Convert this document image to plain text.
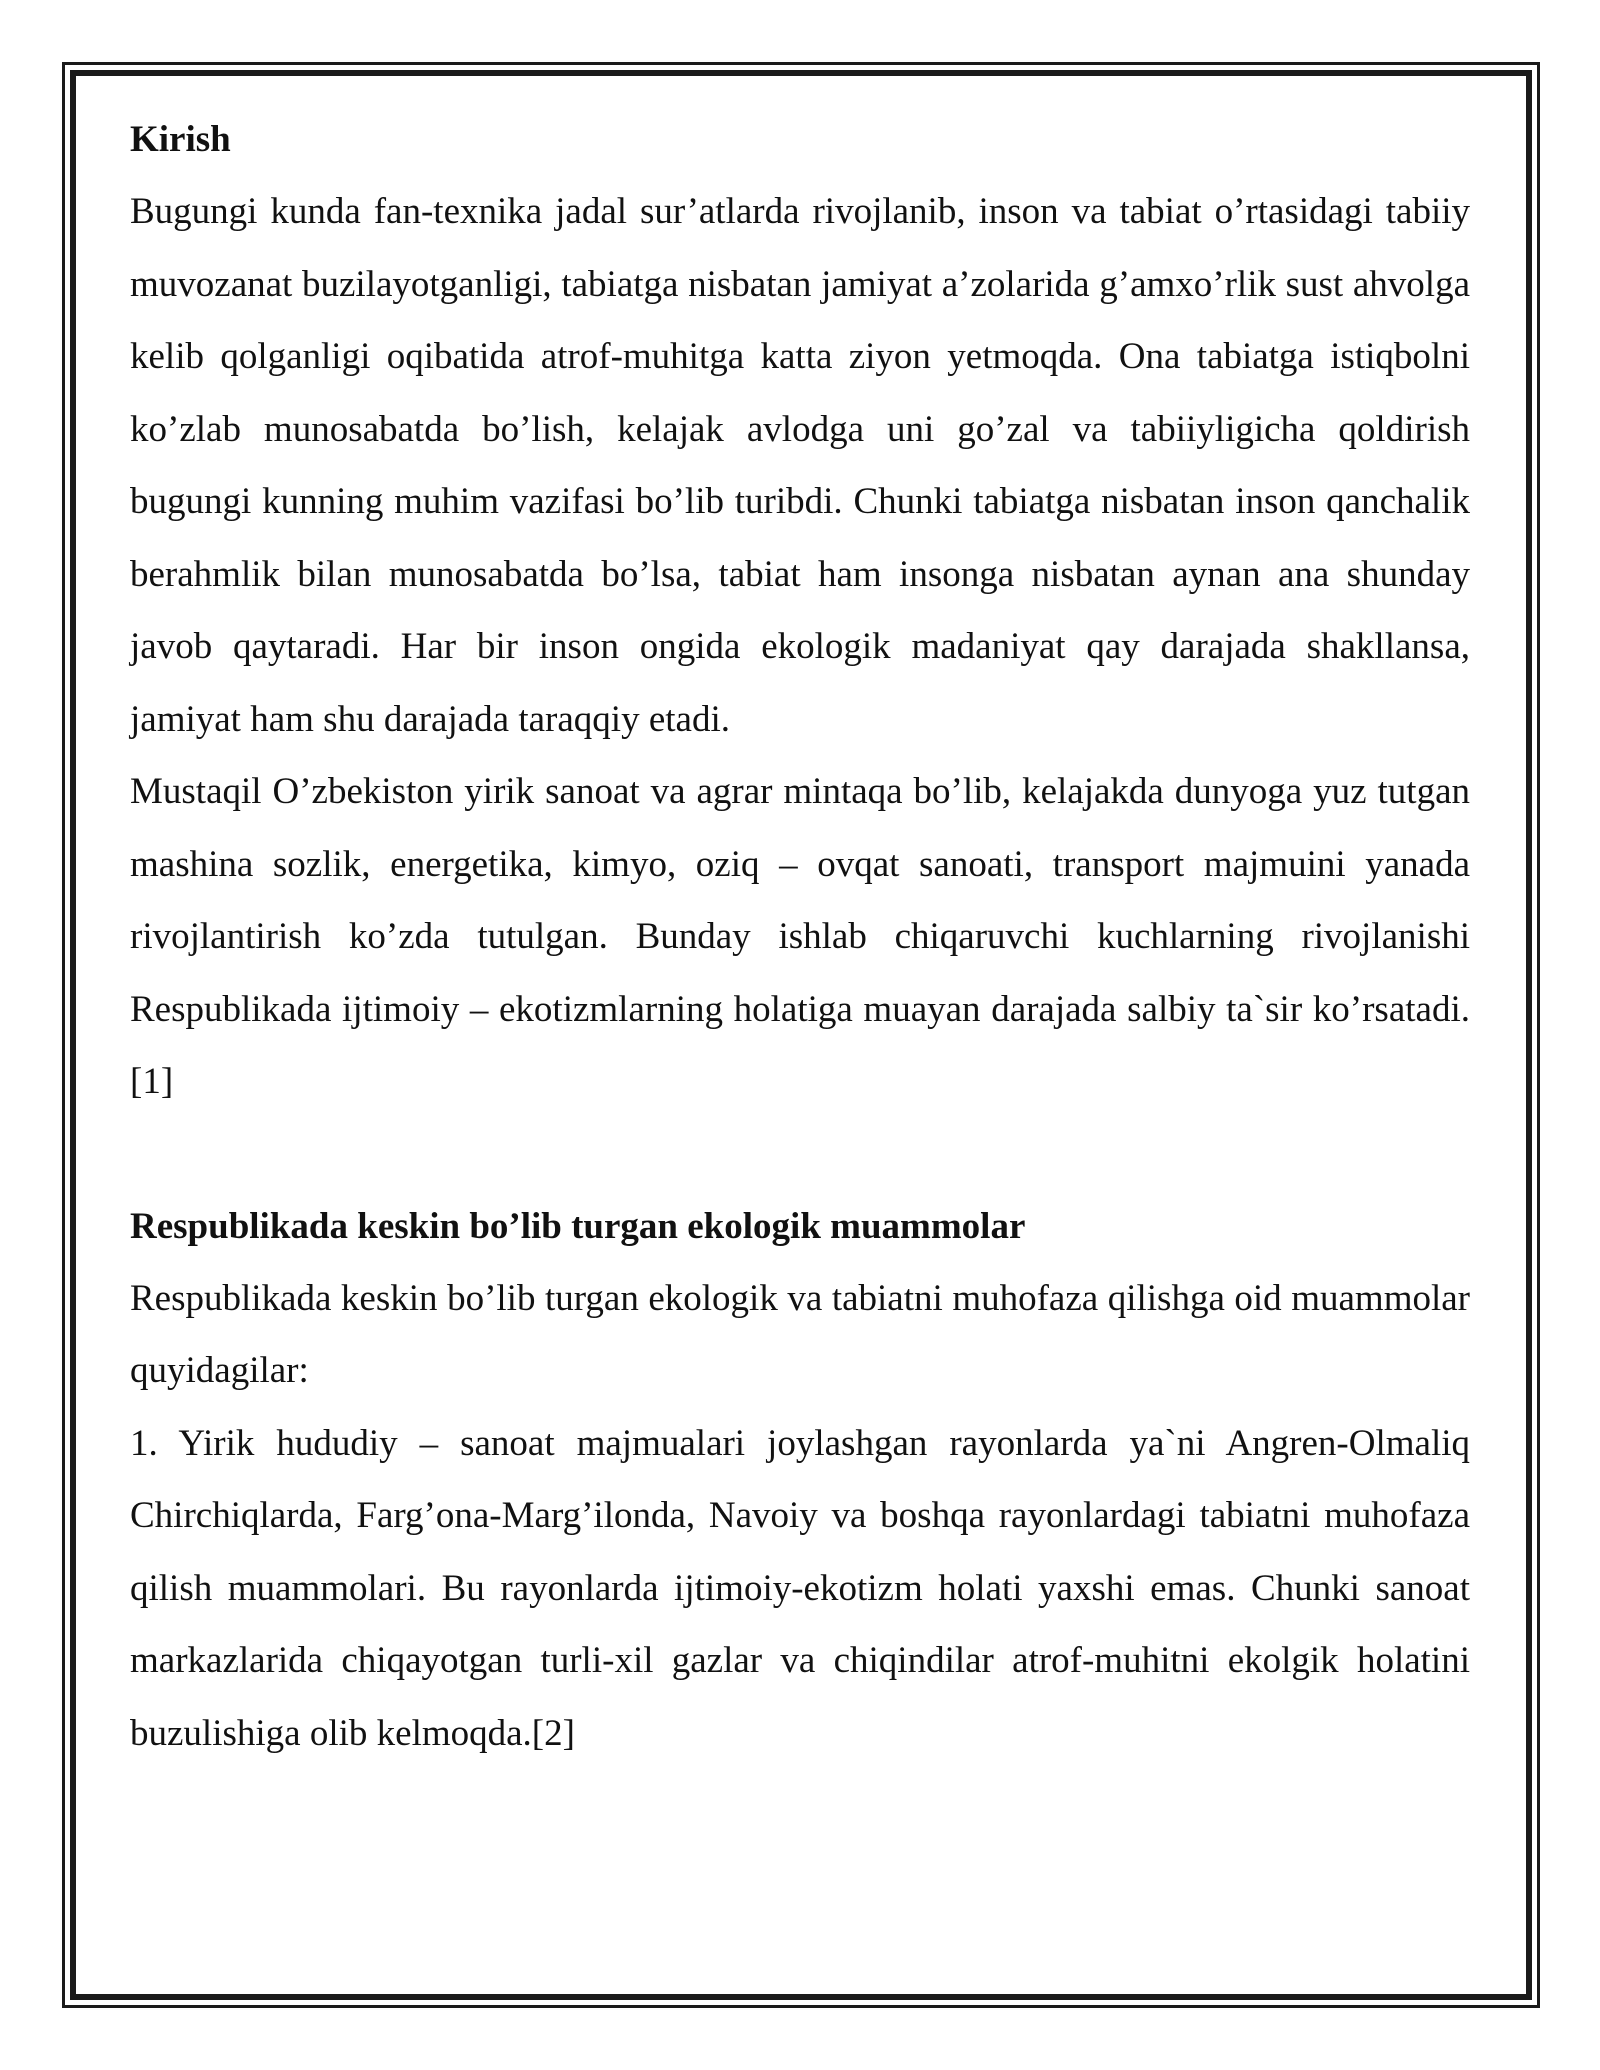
Kirish

Bugungi kunda fan-texnika jadal sur’atlarda rivojlanib, inson va tabiat o’rtasidagi tabiiy muvozanat buzilayotganligi, tabiatga nisbatan jamiyat a’zolarida g’amxo’rlik sust ahvolga kelib qolganligi oqibatida atrof-muhitga katta ziyon yetmoqda. Ona tabiatga istiqbolni ko’zlab munosabatda bo’lish, kelajak avlodga uni go’zal va tabiiyligicha qoldirish bugungi kunning muhim vazifasi bo’lib turibdi. Chunki tabiatga nisbatan inson qanchalik berahmlik bilan munosabatda bo’lsa, tabiat ham insonga nisbatan aynan ana shunday javob qaytaradi. Har bir inson ongida ekologik madaniyat qay darajada shakllansa, jamiyat ham shu darajada taraqqiy etadi.

Mustaqil O’zbekiston yirik sanoat va agrar mintaqa bo’lib, kelajakda dunyoga yuz tutgan mashina sozlik, energetika, kimyo, oziq – ovqat sanoati, transport majmuini yanada rivojlantirish ko’zda tutulgan. Bunday ishlab chiqaruvchi kuchlarning rivojlanishi Respublikada ijtimoiy – ekotizmlarning holatiga muayan darajada salbiy ta`sir ko’rsatadi.[1]

Respublikada keskin bo’lib turgan ekologik muammolar

Respublikada keskin bo’lib turgan ekologik va tabiatni muhofaza qilishga oid muammolar quyidagilar:

1. Yirik hududiy – sanoat majmualari joylashgan rayonlarda ya`ni Angren-Olmaliq Chirchiqlarda, Farg’ona-Marg’ilonda, Navoiy va boshqa rayonlardagi tabiatni muhofaza qilish muammolari. Bu rayonlarda ijtimoiy-ekotizm holati yaxshi emas. Chunki sanoat markazlarida chiqayotgan turli-xil gazlar va chiqindilar atrof-muhitni ekolgik holatini buzulishiga olib kelmoqda.[2]
